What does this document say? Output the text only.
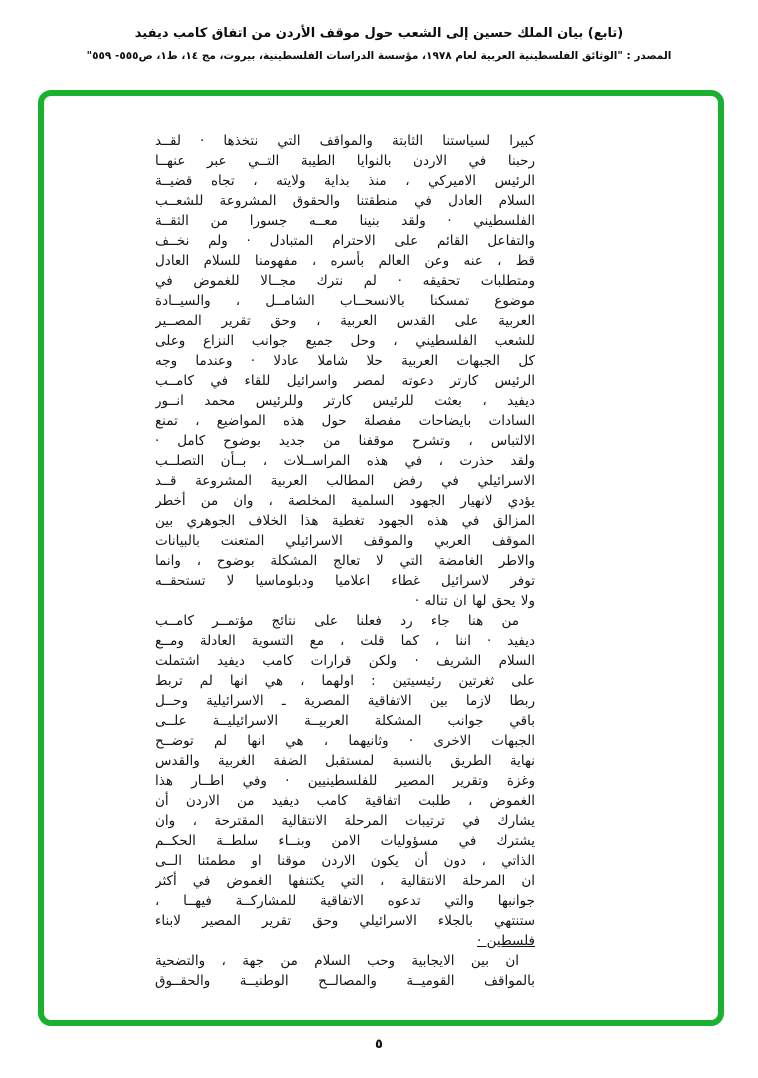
(تابع) بيان الملك حسين إلى الشعب حول موقف الأردن من اتفاق كامب ديفيد
المصدر : "الوثائق الفلسطينية العربية لعام ١٩٧٨، مؤسسة الدراسات الفلسطينية، بيروت، مج ١٤، ط١، ص٥٥٥- ٥٥٩"
كبيرا لسياستنا الثابتة والمواقف التي نتخذها · لقــد
رحبنا في الاردن بالنوايا الطيبة التــي عبر عنهــا
الرئيس الاميركي ، منذ بداية ولايته ، تجاه قضيــة
السلام العادل في منطقتنا والحقوق المشروعة للشعــب
الفلسطيني · ولقد بنينا معــه جسورا من الثقــة
والتفاعل القائم على الاحترام المتبادل · ولم نخــف
قط ، عنه وعن العالم بأسره ، مفهومنا للسلام العادل
ومتطلبات تحقيقه · لم نترك مجــالا للغموض في
موضوع تمسكنا بالانسحــاب الشامــل ، والسيــادة
العربية على القدس العربية ، وحق تقرير المصــير
للشعب الفلسطيني ، وحل جميع جوانب النزاع وعلى
كل الجبهات العربية حلا شاملا عادلا · وعندما وجه
الرئيس كارتر دعوته لمصر واسرائيل للقاء في كامــب
ديفيد ، بعثت للرئيس كارتر وللرئيس محمد انــور
السادات بايضاحات مفصلة حول هذه المواضيع ، تمنع
الالتباس ، وتشرح موقفنا من جديد بوضوح كامل ·
ولقد حذرت ، في هذه المراســلات ، بــأن التصلــب
الاسرائيلي في رفض المطالب العربية المشروعة قــد
يؤدي لانهيار الجهود السلمية المخلصة ، وان من أخطر
المزالق في هذه الجهود تغطية هذا الخلاف الجوهري بين
الموقف العربي والموقف الاسرائيلي المتعنت بالبيانات
والاطر الغامضة التي لا تعالج المشكلة بوضوح ، وانما
توفر لاسرائيل غطاء اعلاميا ودبلوماسيا لا تستحقــه
ولا يحق لها ان تناله ·
من هنا جاء رد فعلنا على نتائج مؤتمــر كامــب
ديفيد · اننا ، كما قلت ، مع التسوية العادلة ومــع
السلام الشريف · ولكن قرارات كامب ديفيد اشتملت
على ثغرتين رئيسيتين : اولهما ، هي انها لم تربط
ربطا لازما بين الاتفاقية المصرية ـ الاسرائيلية وحــل
باقي جوانب المشكلة العربيــة الاسرائيليــة علــى
الجبهات الاخرى · وثانيهما ، هي انها لم توضــح
نهاية الطريق بالنسبة لمستقبل الضفة الغربية والقدس
وغزة وتقرير المصير للفلسطينيين · وفي اطــار هذا
الغموض ، طلبت اتفاقية كامب ديفيد من الاردن أن
يشارك في ترتيبات المرحلة الانتقالية المقترحة ، وان
يشترك في مسؤوليات الامن وبنــاء سلطــة الحكــم
الذاتي ، دون أن يكون الاردن موقنا او مطمئنا الــى
ان المرحلة الانتقالية ، التي يكتنفها الغموض في أكثر
جوانبها والتي تدعوه الاتفاقية للمشاركــة فيهــا ،
ستنتهي بالجلاء الاسرائيلي وحق تقرير المصير لابناء
فلسطين ·
ان بين الايجابية وحب السلام من جهة ، والتضحية
بالمواقف القوميــة والمصالــح الوطنيــة والحقــوق
٥
